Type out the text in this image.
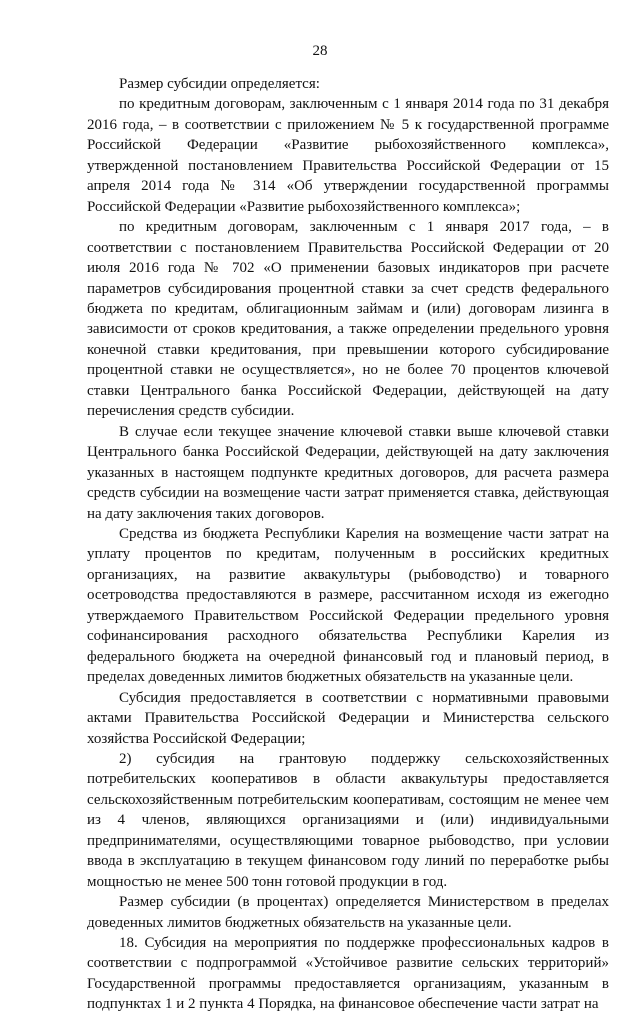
28

Размер субсидии определяется:

по кредитным договорам, заключенным с 1 января 2014 года по 31 декабря 2016 года, – в соответствии с приложением № 5 к государственной программе Российской Федерации «Развитие рыбохозяйственного комплекса», утвержденной постановлением Правительства Российской Федерации от 15 апреля 2014 года № 314 «Об утверждении государственной программы Российской Федерации «Развитие рыбохозяйственного комплекса»;

по кредитным договорам, заключенным с 1 января 2017 года, – в соответствии с постановлением Правительства Российской Федерации от 20 июля 2016 года № 702 «О применении базовых индикаторов при расчете параметров субсидирования процентной ставки за счет средств федерального бюджета по кредитам, облигационным займам и (или) договорам лизинга в зависимости от сроков кредитования, а также определении предельного уровня конечной ставки кредитования, при превышении которого субсидирование процентной ставки не осуществляется», но не более 70 процентов ключевой ставки Центрального банка Российской Федерации, действующей на дату перечисления средств субсидии.

В случае если текущее значение ключевой ставки выше ключевой ставки Центрального банка Российской Федерации, действующей на дату заключения указанных в настоящем подпункте кредитных договоров, для расчета размера средств субсидии на возмещение части затрат применяется ставка, действующая на дату заключения таких договоров.

Средства из бюджета Республики Карелия на возмещение части затрат на уплату процентов по кредитам, полученным в российских кредитных организациях, на развитие аквакультуры (рыбоводство) и товарного осетроводства предоставляются в размере, рассчитанном исходя из ежегодно утверждаемого Правительством Российской Федерации предельного уровня софинансирования расходного обязательства Республики Карелия из федерального бюджета на очередной финансовый год и плановый период, в пределах доведенных лимитов бюджетных обязательств на указанные цели.

Субсидия предоставляется в соответствии с нормативными правовыми актами Правительства Российской Федерации и Министерства сельского хозяйства Российской Федерации;

2) субсидия на грантовую поддержку сельскохозяйственных потребительских кооперативов в области аквакультуры предоставляется сельскохозяйственным потребительским кооперативам, состоящим не менее чем из 4 членов, являющихся организациями и (или) индивидуальными предпринимателями, осуществляющими товарное рыбоводство, при условии ввода в эксплуатацию в текущем финансовом году линий по переработке рыбы мощностью не менее 500 тонн готовой продукции в год.

Размер субсидии (в процентах) определяется Министерством в пределах доведенных лимитов бюджетных обязательств на указанные цели.

18. Субсидия на мероприятия по поддержке профессиональных кадров в соответствии с подпрограммой «Устойчивое развитие сельских территорий» Государственной программы предоставляется организациям, указанным в подпунктах 1 и 2 пункта 4 Порядка, на финансовое обеспечение части затрат на
